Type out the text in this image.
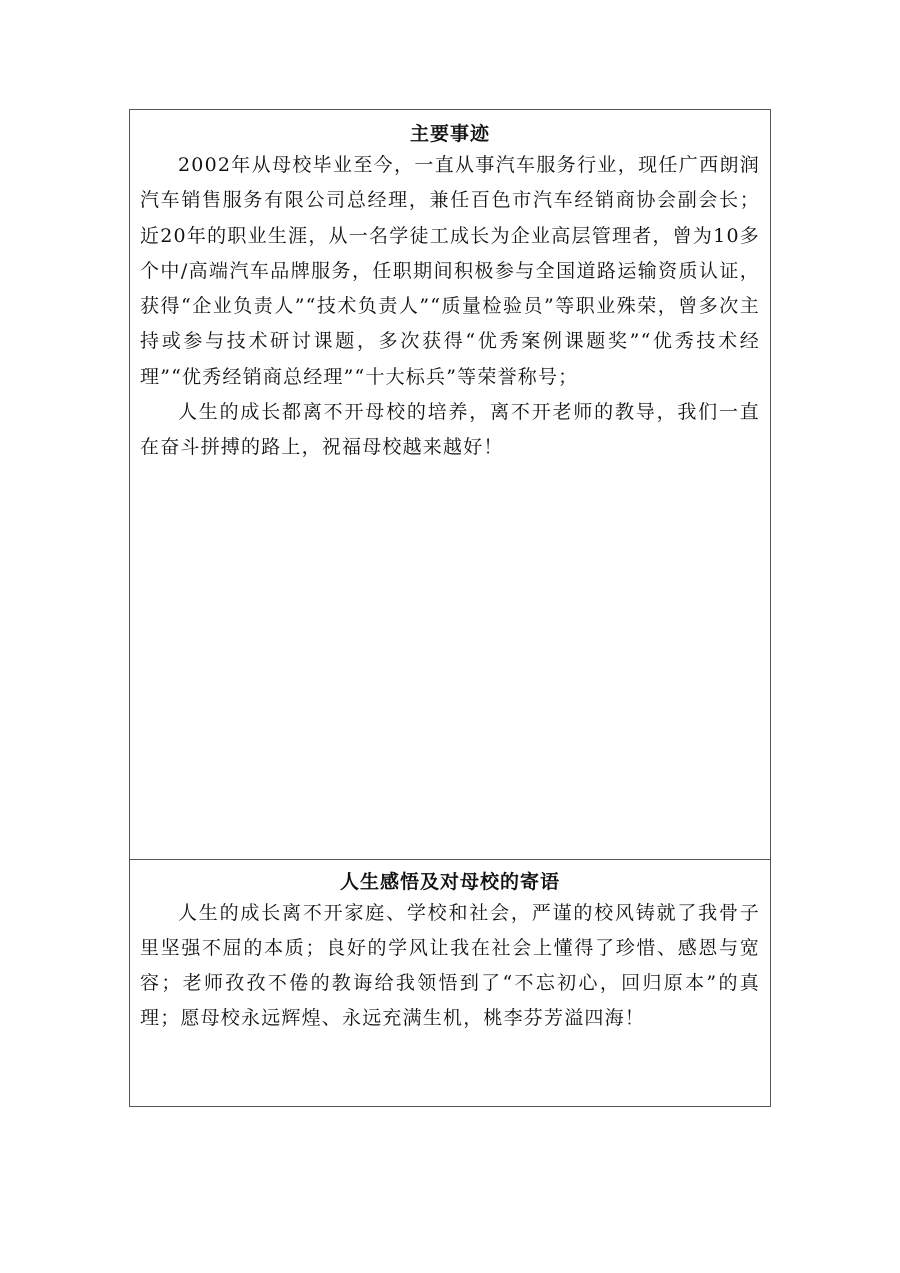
主要事迹

2002年从母校毕业至今，一直从事汽车服务行业，现任广西朗润汽车销售服务有限公司总经理，兼任百色市汽车经销商协会副会长；近20年的职业生涯，从一名学徒工成长为企业高层管理者，曾为10多个中/高端汽车品牌服务，任职期间积极参与全国道路运输资质认证，获得“企业负责人”“技术负责人”“质量检验员”等职业殊荣，曾多次主持或参与技术研讨课题，多次获得“优秀案例课题奖”“优秀技术经理”“优秀经销商总经理”“十大标兵”等荣誉称号；

人生的成长都离不开母校的培养，离不开老师的教导，我们一直在奋斗拼搏的路上，祝福母校越来越好！

人生感悟及对母校的寄语

人生的成长离不开家庭、学校和社会，严谨的校风铸就了我骨子里坚强不屈的本质；良好的学风让我在社会上懂得了珍惜、感恩与宽容；老师孜孜不倦的教诲给我领悟到了“不忘初心，回归原本”的真理；愿母校永远辉煌、永远充满生机，桃李芬芳溢四海！
